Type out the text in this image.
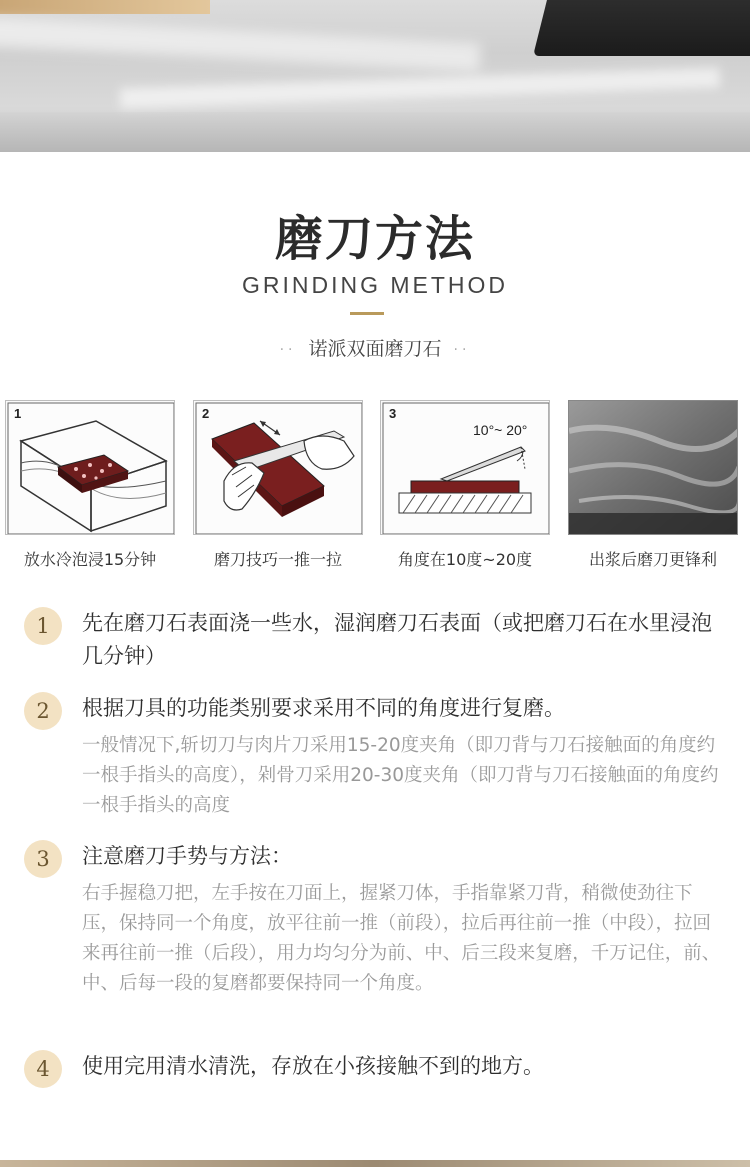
磨刀方法
GRINDING METHOD
·· 诺派双面磨刀石 ··
1
放水冷泡浸15分钟
2
磨刀技巧一推一拉
3
10°~ 20°
角度在10度~20度	出浆后磨刀更锋利
1	先在磨刀石表面浇一些水，湿润磨刀石表面（或把磨刀石在水里浸泡几分钟）
2	根据刀具的功能类别要求采用不同的角度进行复磨。
一般情况下,斩切刀与肉片刀采用15-20度夹角（即刀背与刀石接触面的角度约一根手指头的高度），剁骨刀采用20-30度夹角（即刀背与刀石接触面的角度约一根手指头的高度
3	注意磨刀手势与方法：
右手握稳刀把，左手按在刀面上，握紧刀体，手指靠紧刀背，稍微使劲往下压，保持同一个角度，放平往前一推（前段），拉后再往前一推（中段），拉回来再往前一推（后段），用力均匀分为前、中、后三段来复磨，千万记住，前、中、后每一段的复磨都要保持同一个角度。
4	使用完用清水清洗，存放在小孩接触不到的地方。
